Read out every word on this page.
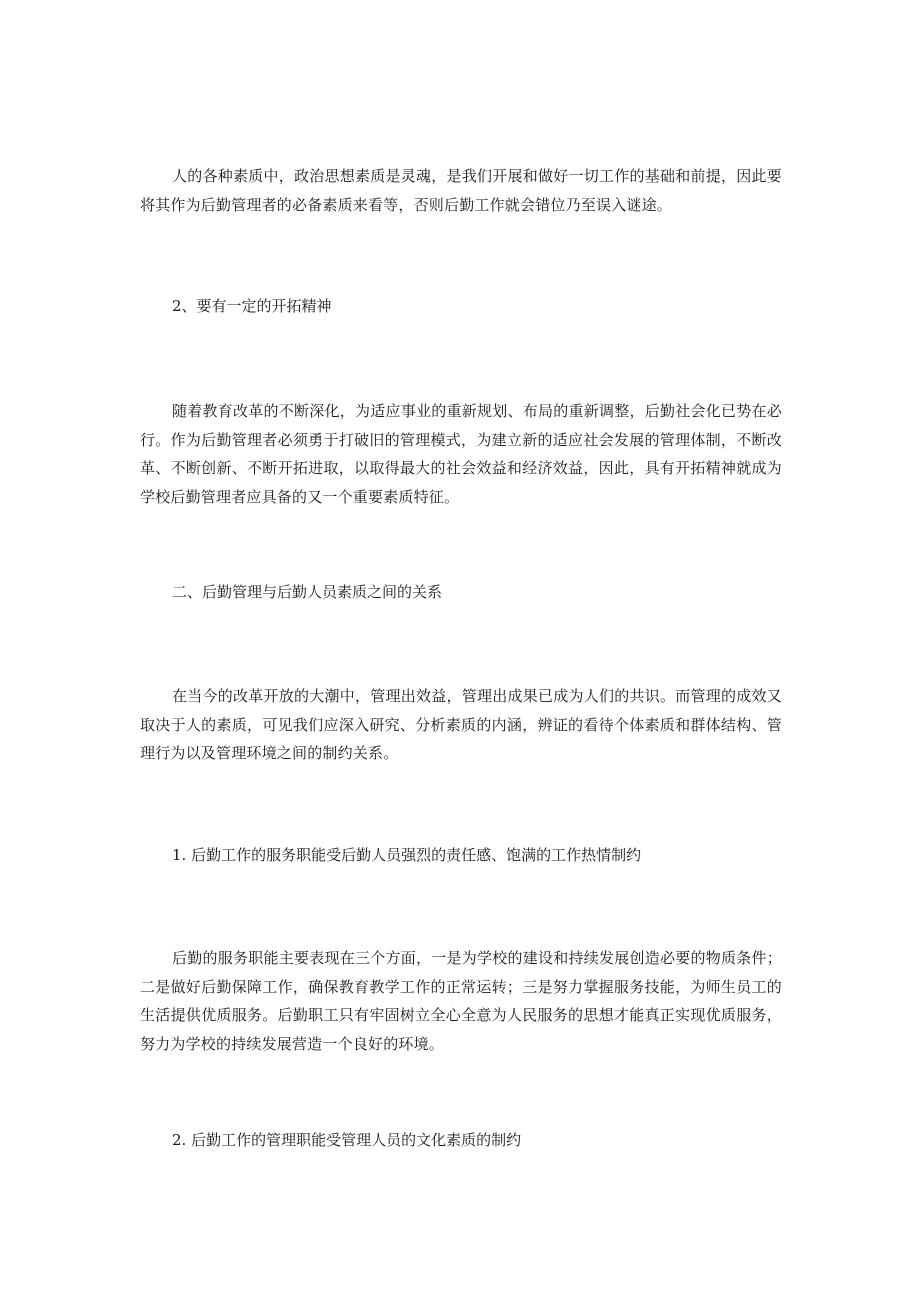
人的各种素质中，政治思想素质是灵魂，是我们开展和做好一切工作的基础和前提，因此要将其作为后勤管理者的必备素质来看等，否则后勤工作就会错位乃至误入谜途。

2、要有一定的开拓精神

随着教育改革的不断深化，为适应事业的重新规划、布局的重新调整，后勤社会化已势在必行。作为后勤管理者必须勇于打破旧的管理模式，为建立新的适应社会发展的管理体制，不断改革、不断创新、不断开拓进取，以取得最大的社会效益和经济效益，因此，具有开拓精神就成为学校后勤管理者应具备的又一个重要素质特征。

二、后勤管理与后勤人员素质之间的关系

在当今的改革开放的大潮中，管理出效益，管理出成果已成为人们的共识。而管理的成效又取决于人的素质，可见我们应深入研究、分析素质的内涵，辨证的看待个体素质和群体结构、管理行为以及管理环境之间的制约关系。

1. 后勤工作的服务职能受后勤人员强烈的责任感、饱满的工作热情制约

后勤的服务职能主要表现在三个方面，一是为学校的建设和持续发展创造必要的物质条件；二是做好后勤保障工作，确保教育教学工作的正常运转；三是努力掌握服务技能，为师生员工的生活提供优质服务。后勤职工只有牢固树立全心全意为人民服务的思想才能真正实现优质服务，努力为学校的持续发展营造一个良好的环境。

2. 后勤工作的管理职能受管理人员的文化素质的制约
